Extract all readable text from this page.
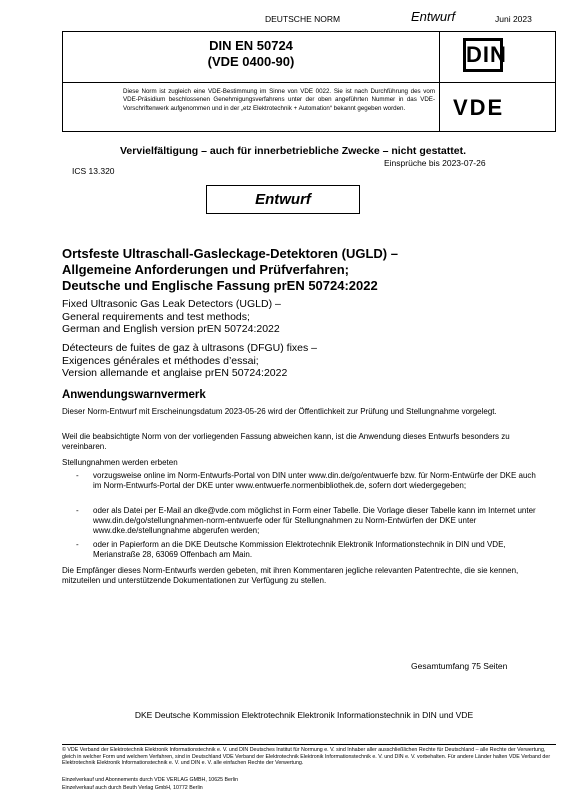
DEUTSCHE NORM	Entwurf	Juni 2023
DIN EN 50724
(VDE 0400-90)
Diese Norm ist zugleich eine VDE-Bestimmung im Sinne von VDE 0022. Sie ist nach Durchführung des vom VDE-Präsidium beschlossenen Genehmigungsverfahrens unter der oben angeführten Nummer in das VDE-Vorschriftenwerk aufgenommen und in der „etz Elektrotechnik + Automation“ bekannt gegeben worden.
DIN
VDE
Vervielfältigung – auch für innerbetriebliche Zwecke – nicht gestattet.
Einsprüche bis 2023-07-26
ICS 13.320
Entwurf
Ortsfeste Ultraschall-Gasleckage-Detektoren (UGLD) –
Allgemeine Anforderungen und Prüfverfahren;
Deutsche und Englische Fassung prEN 50724:2022
Fixed Ultrasonic Gas Leak Detectors (UGLD) –
General requirements and test methods;
German and English version prEN 50724:2022
Détecteurs de fuites de gaz à ultrasons (DFGU) fixes –
Exigences générales et méthodes d’essai;
Version allemande et anglaise prEN 50724:2022
Anwendungswarnvermerk
Dieser Norm-Entwurf mit Erscheinungsdatum 2023-05-26 wird der Öffentlichkeit zur Prüfung und Stellungnahme vorgelegt.
Weil die beabsichtigte Norm von der vorliegenden Fassung abweichen kann, ist die Anwendung dieses Entwurfs besonders zu vereinbaren.
Stellungnahmen werden erbeten
- vorzugsweise online im Norm-Entwurfs-Portal von DIN unter www.din.de/go/entwuerfe bzw. für Norm-Entwürfe der DKE auch im Norm-Entwurfs-Portal der DKE unter www.entwuerfe.normenbibliothek.de, sofern dort wiedergegeben;
- oder als Datei per E-Mail an dke@vde.com möglichst in Form einer Tabelle. Die Vorlage dieser Tabelle kann im Internet unter www.din.de/go/stellungnahmen-norm-entwuerfe oder für Stellungnahmen zu Norm-Entwürfen der DKE unter www.dke.de/stellungnahme abgerufen werden;
- oder in Papierform an die DKE Deutsche Kommission Elektrotechnik Elektronik Informationstechnik in DIN und VDE, Merianstraße 28, 63069 Offenbach am Main.
Die Empfänger dieses Norm-Entwurfs werden gebeten, mit ihren Kommentaren jegliche relevanten Patentrechte, die sie kennen, mitzuteilen und unterstützende Dokumentationen zur Verfügung zu stellen.
Gesamtumfang 75 Seiten
DKE Deutsche Kommission Elektrotechnik Elektronik Informationstechnik in DIN und VDE
© VDE Verband der Elektrotechnik Elektronik Informationstechnik e. V. und DIN Deutsches Institut für Normung e. V. sind Inhaber aller ausschließlichen Rechte für Deutschland – alle Rechte der Verwertung, gleich in welcher Form und welchem Verfahren, sind in Deutschland VDE Verband der Elektrotechnik Elektronik Informationstechnik e. V. und DIN e. V. vorbehalten. Für andere Länder halten VDE Verband der Elektrotechnik Elektronik Informationstechnik e. V. und DIN e. V. alle einfachen Rechte der Verwertung.
Einzelverkauf und Abonnements durch VDE VERLAG GMBH, 10625 Berlin
Einzelverkauf auch durch Beuth Verlag GmbH, 10772 Berlin
